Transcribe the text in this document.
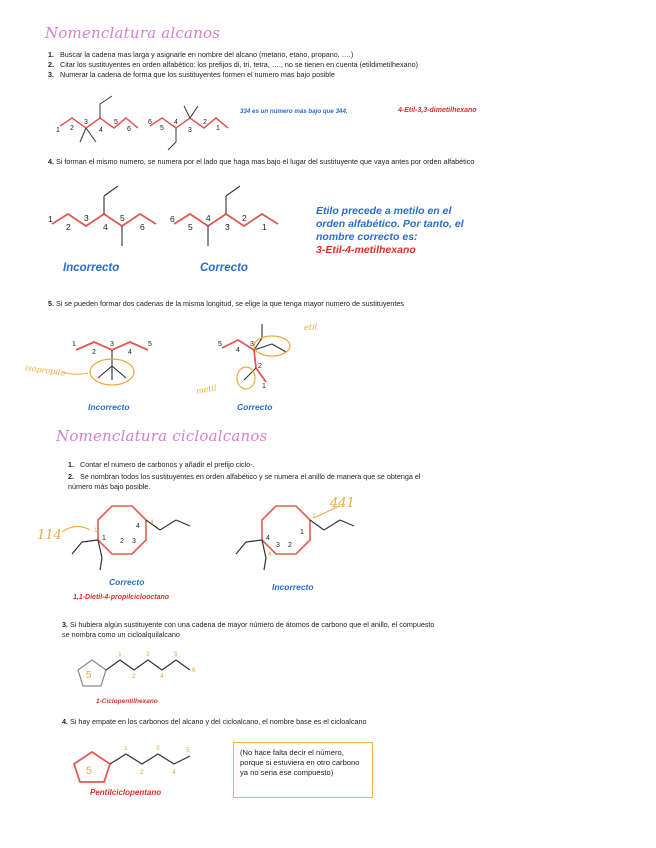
Nomenclatura alcanos
1. Buscar la cadena mas larga y asignarle en nombre del alcano (metano, etano, propano, ….)
2. Citar los sustituyentes en orden alfabético: los prefijos di, tri, tetra, …., no se tienen en cuenta (etildimetilhexano)
3. Numerar la cadena de forma que los sustituyentes formen el numero mas bajo posible
334 es un número más bajo que 344.	4-Etil-3,3-dimetilhexano
4. Si forman el mismo numero, se numera por el lado que haga mas bajo el lugar del sustituyente que vaya antes por orden alfabético
Etilo precede a metilo en el orden alfabético. Por tanto, el nombre correcto es:
3-Etil-4-metilhexano
Incorrecto	Correcto
5. Si se pueden formar dos cadenas de la misma longitud, se elige la que tenga mayor numero de sustituyentes
Incorrecto	Correcto
isopropilo
etil
metil
Nomenclatura cicloalcanos
1. Contar el numero de carbonos y añadir el prefijo ciclo-.
2. Se nombran todos los sustituyentes en orden alfabético y se numera el anillo de manera que se obtenga el número más bajo posible.
114
441
Correcto
1,1-Dietil-4-propilciclooctano
Incorrecto
3. Si hubiera algún sustituyente con una cadena de mayor número de átomos de carbono que el anillo, el compuesto se nombra como un cicloalquilalcano
1-Ciclopentilhexano
4. Si hay empate en los carbonos del alcano y del cicloalcano, el nombre base es el cicloalcano
Pentilciclopentano
(No hace falta decir el número, porque si estuviera en otro carbono ya no seria ese compuesto)
1 2
3
4
5
6
6
5
4
3
2
1
1
2
3
4
5
6
6
5
4
3
2
1
1
2
3
4
5	5
4
3
2
1
1 2 3
4
1
4
4
3 2
1
4
1
5
1
2
3
4
5
6
5
1
2
3
4
5
